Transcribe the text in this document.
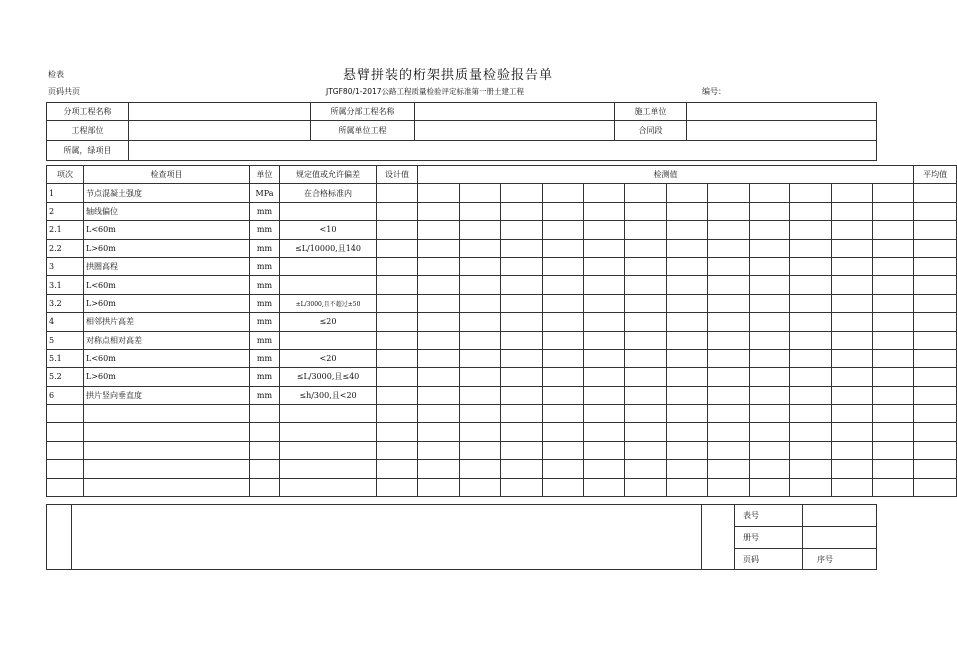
检表	悬臂拼装的桁架拱质量检验报告单
页码共页	JTGF80/1-2017公路工程质量检验评定标准第一册土建工程	编号：
分项工程名称		所属分部工程名称		施工单位	
工程部位		所属单位工程		合同段	
所属，绿项目					
项次	检查项目	单位	规定值或允许偏差	设计值	检测值												平均值
1	节点混凝土强度	MPa	在合格标准内														
2	轴线偏位	mm															
2.1	L<60m	mm	<10														
2.2	L>60m	mm	≤L/10000,且140														
3	拱圈高程	mm															
3.1	L<60m	mm															
3.2	L>60m	mm	±L/3000,且不超过±50														
4	相邻拱片高差	mm	≤20														
5	对称点相对高差	mm															
5.1	L<60m	mm	<20														
5.2	L>60m	mm	≤L/3000,且≤40														
6	拱片竖向垂直度	mm	≤h/300,且<20														

			表号	
			册号	
			页码	序号
